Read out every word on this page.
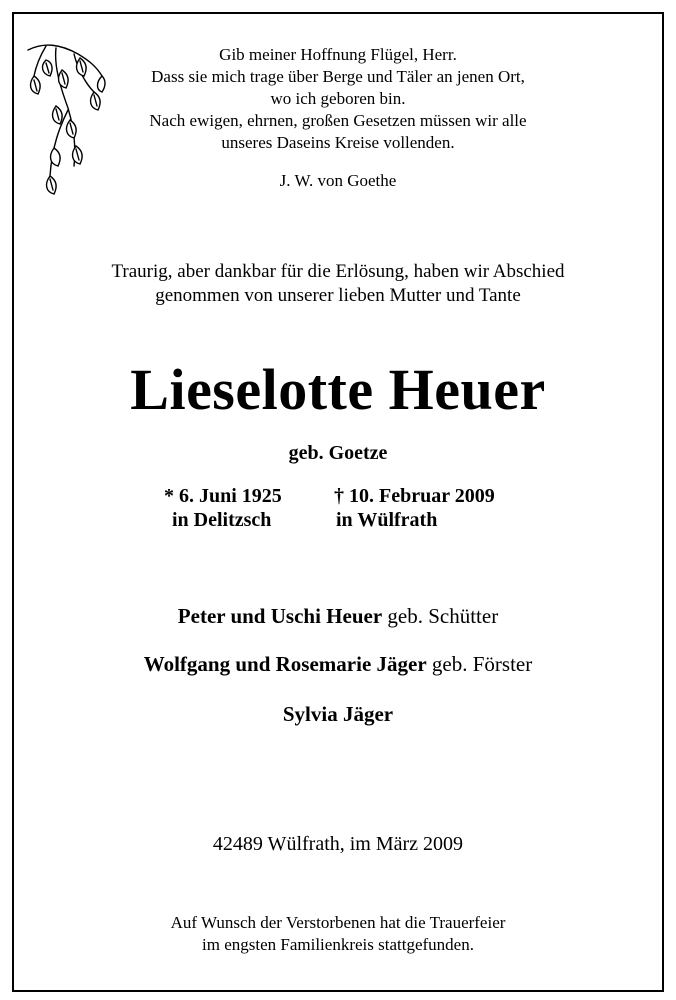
Gib meiner Hoffnung Flügel, Herr.
Dass sie mich trage über Berge und Täler an jenen Ort,
wo ich geboren bin.
Nach ewigen, ehrnen, großen Gesetzen müssen wir alle
unseres Daseins Kreise vollenden.
J. W. von Goethe
Traurig, aber dankbar für die Erlösung, haben wir Abschied
genommen von unserer lieben Mutter und Tante
Lieselotte Heuer
geb. Goetze
* 6. Juni 1925
in Delitzsch
† 10. Februar 2009
in Wülfrath
Peter und Uschi Heuer geb. Schütter
Wolfgang und Rosemarie Jäger geb. Förster
Sylvia Jäger
42489 Wülfrath, im März 2009
Auf Wunsch der Verstorbenen hat die Trauerfeier
im engsten Familienkreis stattgefunden.
